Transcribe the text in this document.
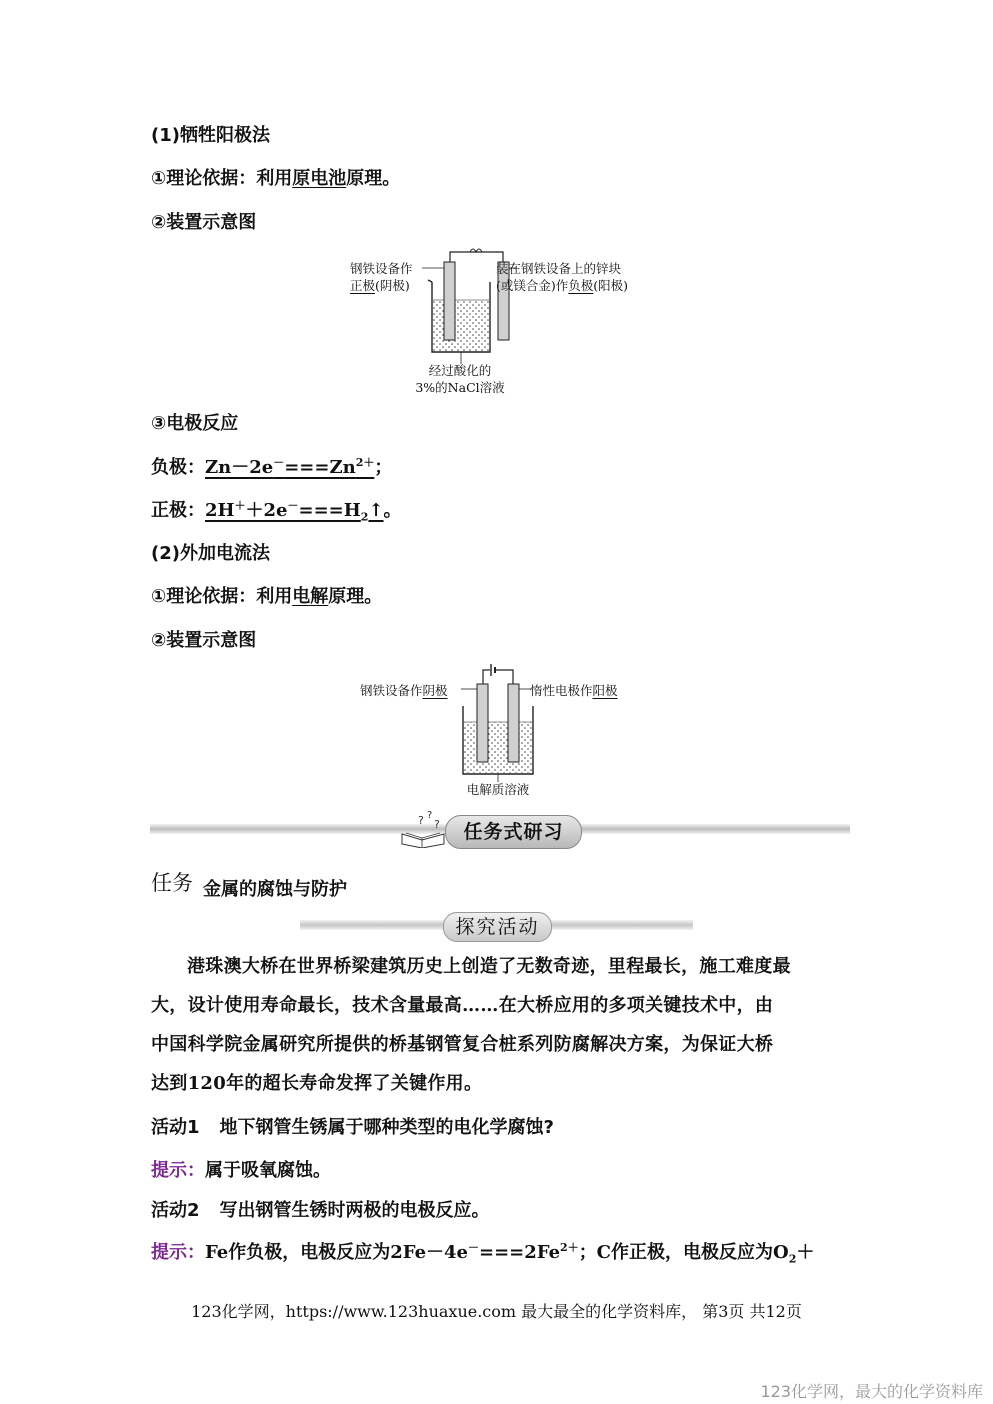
(1)牺牲阳极法
①理论依据：利用原电池原理。
②装置示意图
钢铁设备作
正极(阴极)
装在钢铁设备上的锌块
(或镁合金)作负极(阳极)
经过酸化的
3%的NaCl溶液
③电极反应
负极：$Zn-2e^-===Zn^{2+}$；
正极：$2H^++2e^-===H_2↑$。
(2)外加电流法
①理论依据：利用电解原理。
②装置示意图
钢铁设备作阴极	惰性电极作阳极
电解质溶液
? ?
?	任务式研习
任务 金属的腐蚀与防护
探究活动
港珠澳大桥在世界桥梁建筑历史上创造了无数奇迹，里程最长，施工难度最
大，设计使用寿命最长，技术含量最高……在大桥应用的多项关键技术中，由
中国科学院金属研究所提供的桥基钢管复合桩系列防腐解决方案，为保证大桥
达到120年的超长寿命发挥了关键作用。
活动1 地下钢管生锈属于哪种类型的电化学腐蚀?
提示：属于吸氧腐蚀。
活动2 写出钢管生锈时两极的电极反应。
提示：Fe作负极，电极反应为$2Fe-4e^-===2Fe^{2+}$；C作正极，电极反应为$O_2+$
123化学网，https://www.123huaxue.com 最大最全的化学资料库， 第3页 共12页
123化学网，最大的化学资料库
